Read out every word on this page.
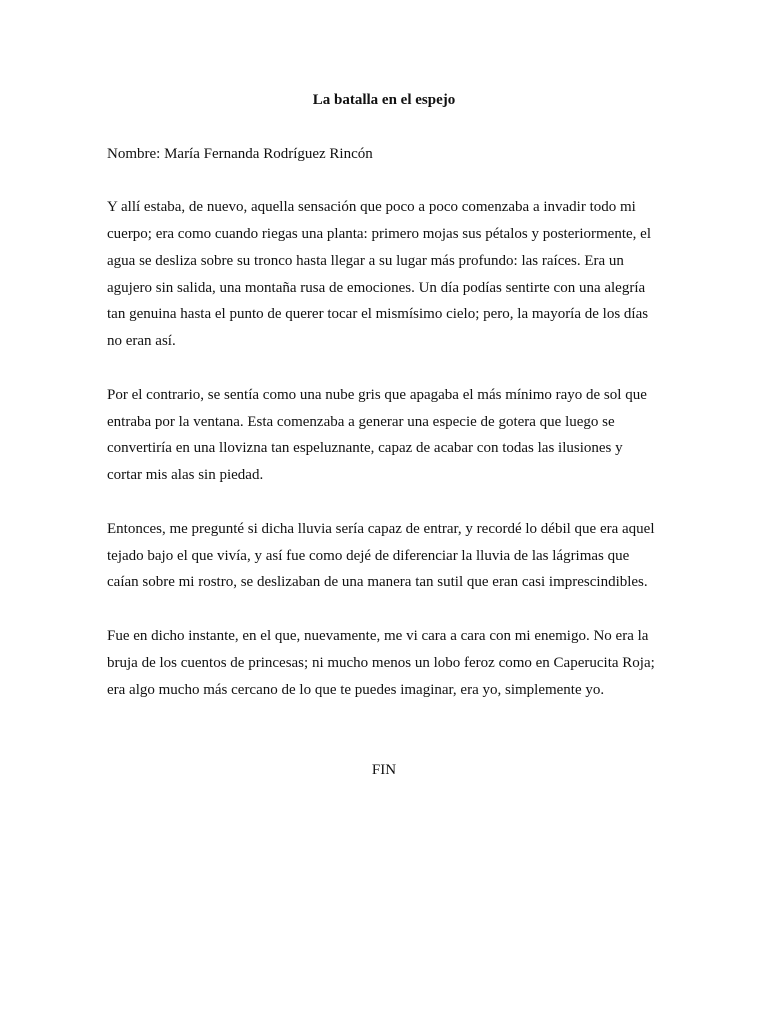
La batalla en el espejo
Nombre: María Fernanda Rodríguez Rincón
Y allí estaba, de nuevo, aquella sensación que poco a poco comenzaba a invadir todo mi
cuerpo; era como cuando riegas una planta: primero mojas sus pétalos y posteriormente, el
agua se desliza sobre su tronco hasta llegar a su lugar más profundo: las raíces. Era un
agujero sin salida, una montaña rusa de emociones. Un día podías sentirte con una alegría
tan genuina hasta el punto de querer tocar el mismísimo cielo; pero, la mayoría de los días
no eran así.
Por el contrario, se sentía como una nube gris que apagaba el más mínimo rayo de sol que
entraba por la ventana. Esta comenzaba a generar una especie de gotera que luego se
convertiría en una llovizna tan espeluznante, capaz de acabar con todas las ilusiones y
cortar mis alas sin piedad.
Entonces, me pregunté si dicha lluvia sería capaz de entrar, y recordé lo débil que era aquel
tejado bajo el que vivía, y así fue como dejé de diferenciar la lluvia de las lágrimas que
caían sobre mi rostro, se deslizaban de una manera tan sutil que eran casi imprescindibles.
Fue en dicho instante, en el que, nuevamente, me vi cara a cara con mi enemigo. No era la
bruja de los cuentos de princesas; ni mucho menos un lobo feroz como en Caperucita Roja;
era algo mucho más cercano de lo que te puedes imaginar, era yo, simplemente yo.
FIN
